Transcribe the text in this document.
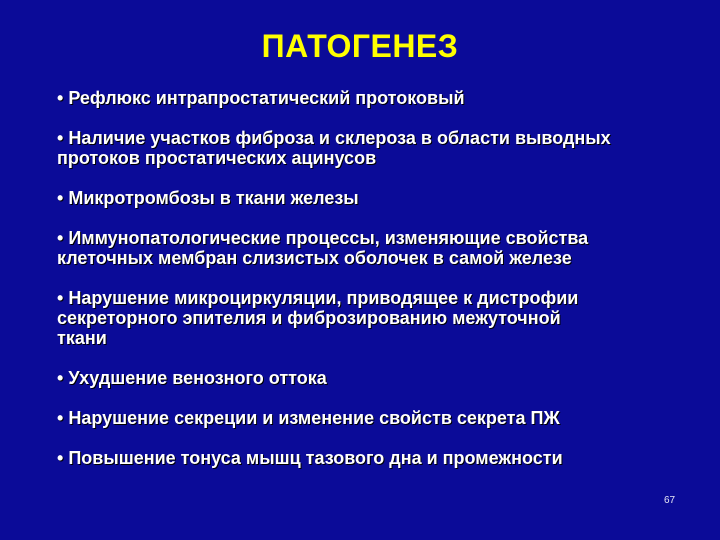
ПАТОГЕНЕЗ
• Рефлюкс интрапростатический протоковый
• Наличие участков фиброза и склероза в области выводных
протоков простатических ацинусов
• Микротромбозы в ткани железы
• Иммунопатологические процессы, изменяющие свойства
клеточных мембран слизистых оболочек в самой железе
• Нарушение микроциркуляции, приводящее к дистрофии
секреторного эпителия и фиброзированию межуточной
ткани
• Ухудшение венозного оттока
• Нарушение секреции и изменение свойств секрета ПЖ
• Повышение тонуса мышц тазового дна и промежности
67
